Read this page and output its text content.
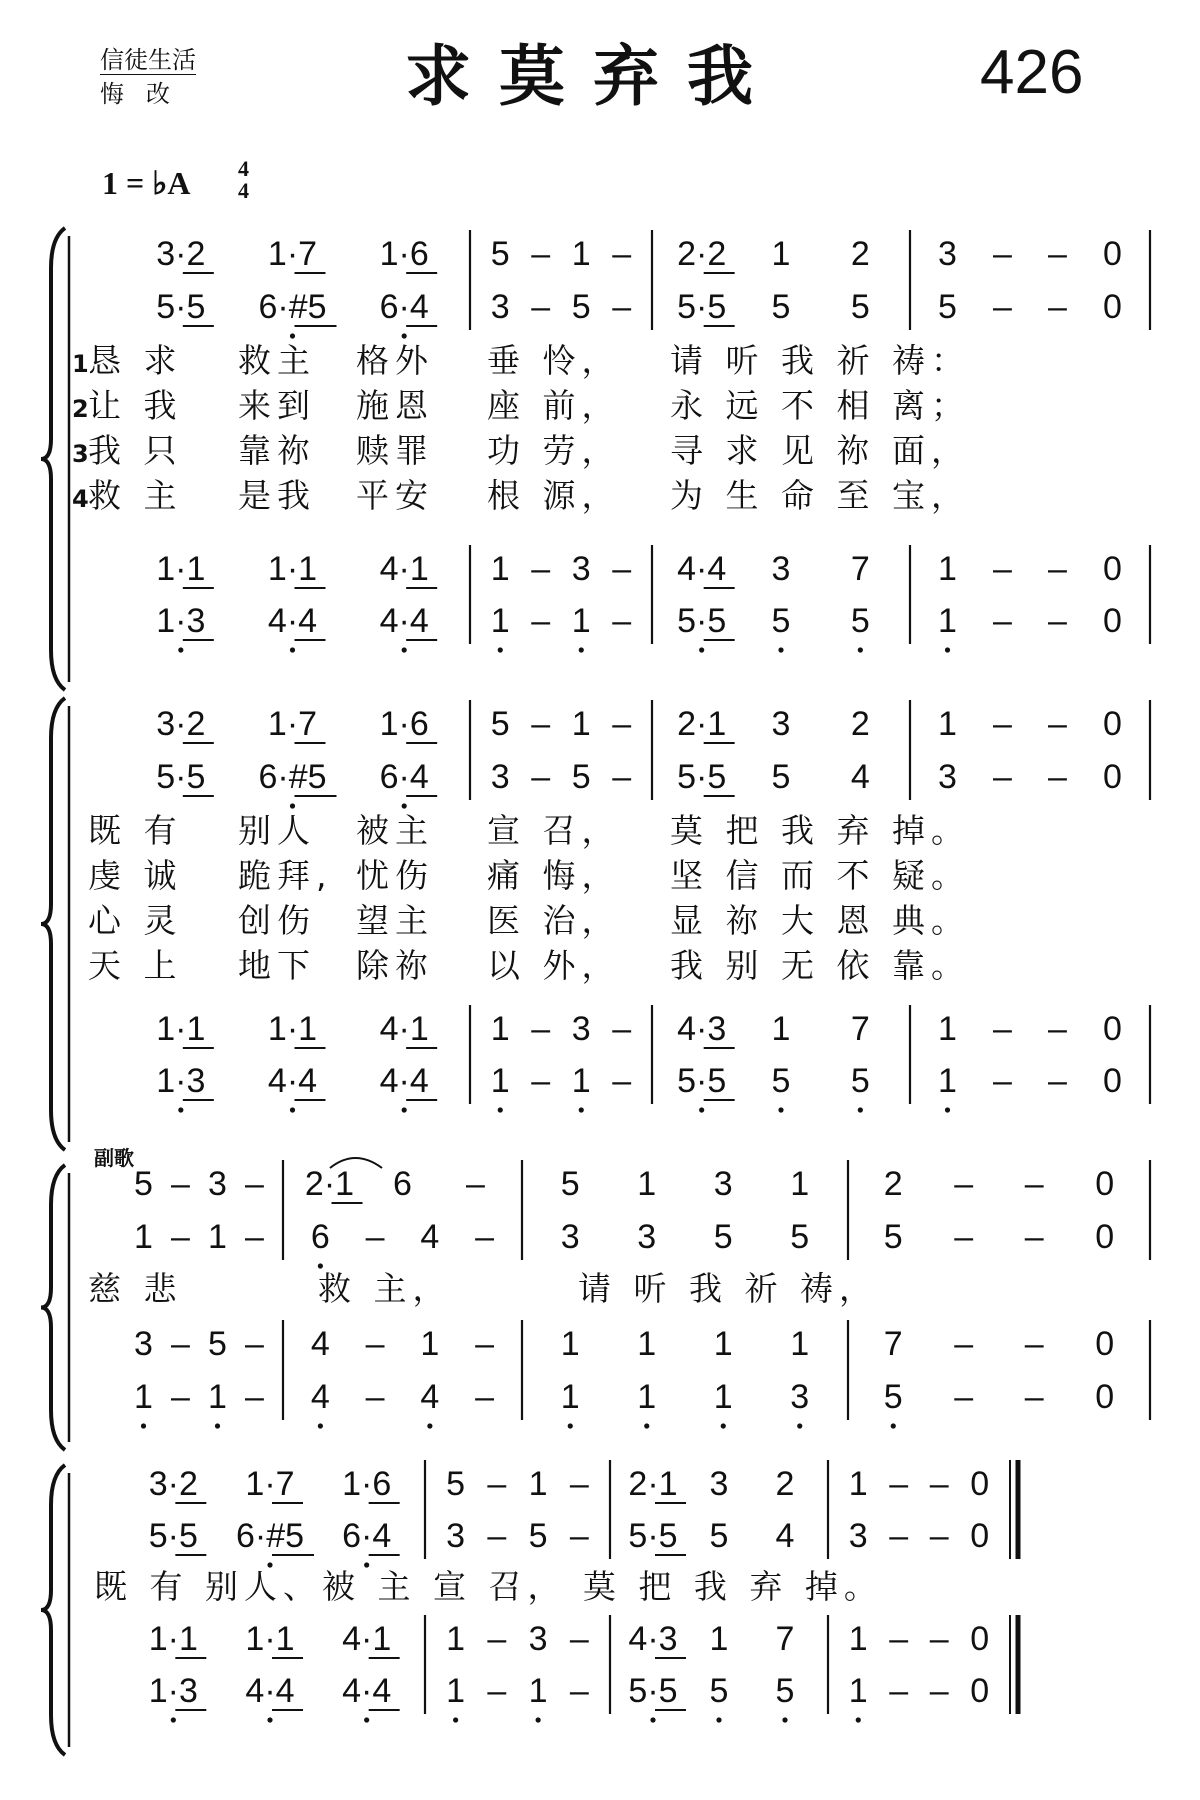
信徒生活
悔改	求莫弃我	426
1 = ♭A 4
4
副歌
3·2 1·7 1·6 5 – 1 – 2·2 1 2 3 – – 0
5·5 6·#5 6·4 3 – 5 – 5·5 5 5 5 – – 0
1·1 1·1 4·1 1 – 3 – 4·4 3 7 1 – – 0
1·3 4·4 4·4 1 – 1 – 5·5 5 5 1 – – 0
1 恳 求 救主 格外 垂 怜， 请 听 我 祈 祷：
2 让 我 来到 施恩 座 前， 永 远 不 相 离；
3 我 只 靠祢 赎罪 功 劳， 寻 求 见 祢 面，
4 救 主 是我 平安 根 源， 为 生 命 至 宝，
3·2 1·7 1·6 5 – 1 – 2·1 3 2 1 – – 0
5·5 6·#5 6·4 3 – 5 – 5·5 5 4 3 – – 0
1·1 1·1 4·1 1 – 3 – 4·3 1 7 1 – – 0
1·3 4·4 4·4 1 – 1 – 5·5 5 5 1 – – 0
既 有 别人 被主 宣 召， 莫 把 我 弃 掉。
虔 诚 跪拜, 忧伤 痛 悔， 坚 信 而 不 疑。
心 灵 创伤 望主 医 治， 显 祢 大 恩 典。
天 上 地下 除祢 以 外， 我 别 无 依 靠。
5 – 3 – 2·1 6 – 5 1 3 1 2 – – 0
1 – 1 – 6 – 4 – 3 3 5 5 5 – – 0
3 – 5 – 4 – 1 – 1 1 1 1 7 – – 0
1 – 1 – 4 – 4 – 1 1 1 3 5 – – 0
慈 悲	救 主，	请 听 我 祈 祷，
3·2 1·7 1·6 5 – 1 – 2·1 3 2 1 – – 0
5·5 6·#5 6·4 3 – 5 – 5·5 5 4 3 – – 0
1·1 1·1 4·1 1 – 3 – 4·3 1 7 1 – – 0
1·3 4·4 4·4 1 – 1 – 5·5 5 5 1 – – 0
既 有 别人、被 主 宣 召， 莫 把 我 弃 掉。
